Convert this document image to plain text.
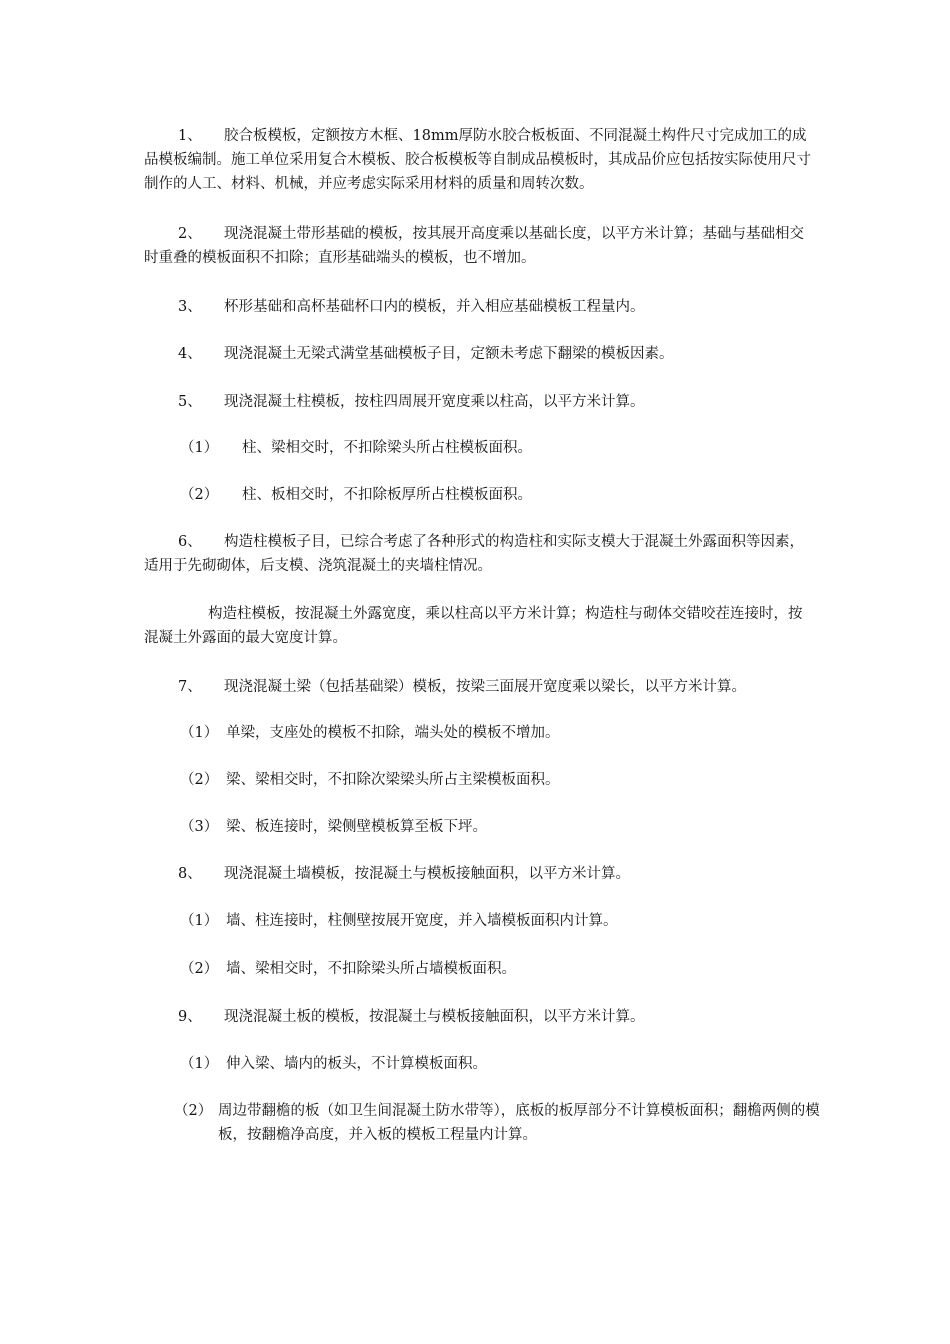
1、 胶合板模板，定额按方木框、18mm厚防水胶合板板面、不同混凝土构件尺寸完成加工的成品模板编制。施工单位采用复合木模板、胶合板模板等自制成品模板时，其成品价应包括按实际使用尺寸制作的人工、材料、机械，并应考虑实际采用材料的质量和周转次数。

2、 现浇混凝土带形基础的模板，按其展开高度乘以基础长度，以平方米计算；基础与基础相交时重叠的模板面积不扣除；直形基础端头的模板，也不增加。

3、 杯形基础和高杯基础杯口内的模板，并入相应基础模板工程量内。

4、 现浇混凝土无梁式满堂基础模板子目，定额未考虑下翻梁的模板因素。

5、 现浇混凝土柱模板，按柱四周展开宽度乘以柱高，以平方米计算。

（1） 柱、梁相交时，不扣除梁头所占柱模板面积。

（2） 柱、板相交时，不扣除板厚所占柱模板面积。

6、 构造柱模板子目，已综合考虑了各种形式的构造柱和实际支模大于混凝土外露面积等因素，适用于先砌砌体，后支模、浇筑混凝土的夹墙柱情况。

构造柱模板，按混凝土外露宽度，乘以柱高以平方米计算；构造柱与砌体交错咬茬连接时，按混凝土外露面的最大宽度计算。

7、 现浇混凝土梁（包括基础梁）模板，按梁三面展开宽度乘以梁长，以平方米计算。

（1） 单梁，支座处的模板不扣除，端头处的模板不增加。

（2） 梁、梁相交时，不扣除次梁梁头所占主梁模板面积。

（3） 梁、板连接时，梁侧壁模板算至板下坪。

8、 现浇混凝土墙模板，按混凝土与模板接触面积，以平方米计算。

（1） 墙、柱连接时，柱侧壁按展开宽度，并入墙模板面积内计算。

（2） 墙、梁相交时，不扣除梁头所占墙模板面积。

9、 现浇混凝土板的模板，按混凝土与模板接触面积，以平方米计算。

（1） 伸入梁、墙内的板头，不计算模板面积。

（2） 周边带翻檐的板（如卫生间混凝土防水带等），底板的板厚部分不计算模板面积；翻檐两侧的模板，按翻檐净高度，并入板的模板工程量内计算。
